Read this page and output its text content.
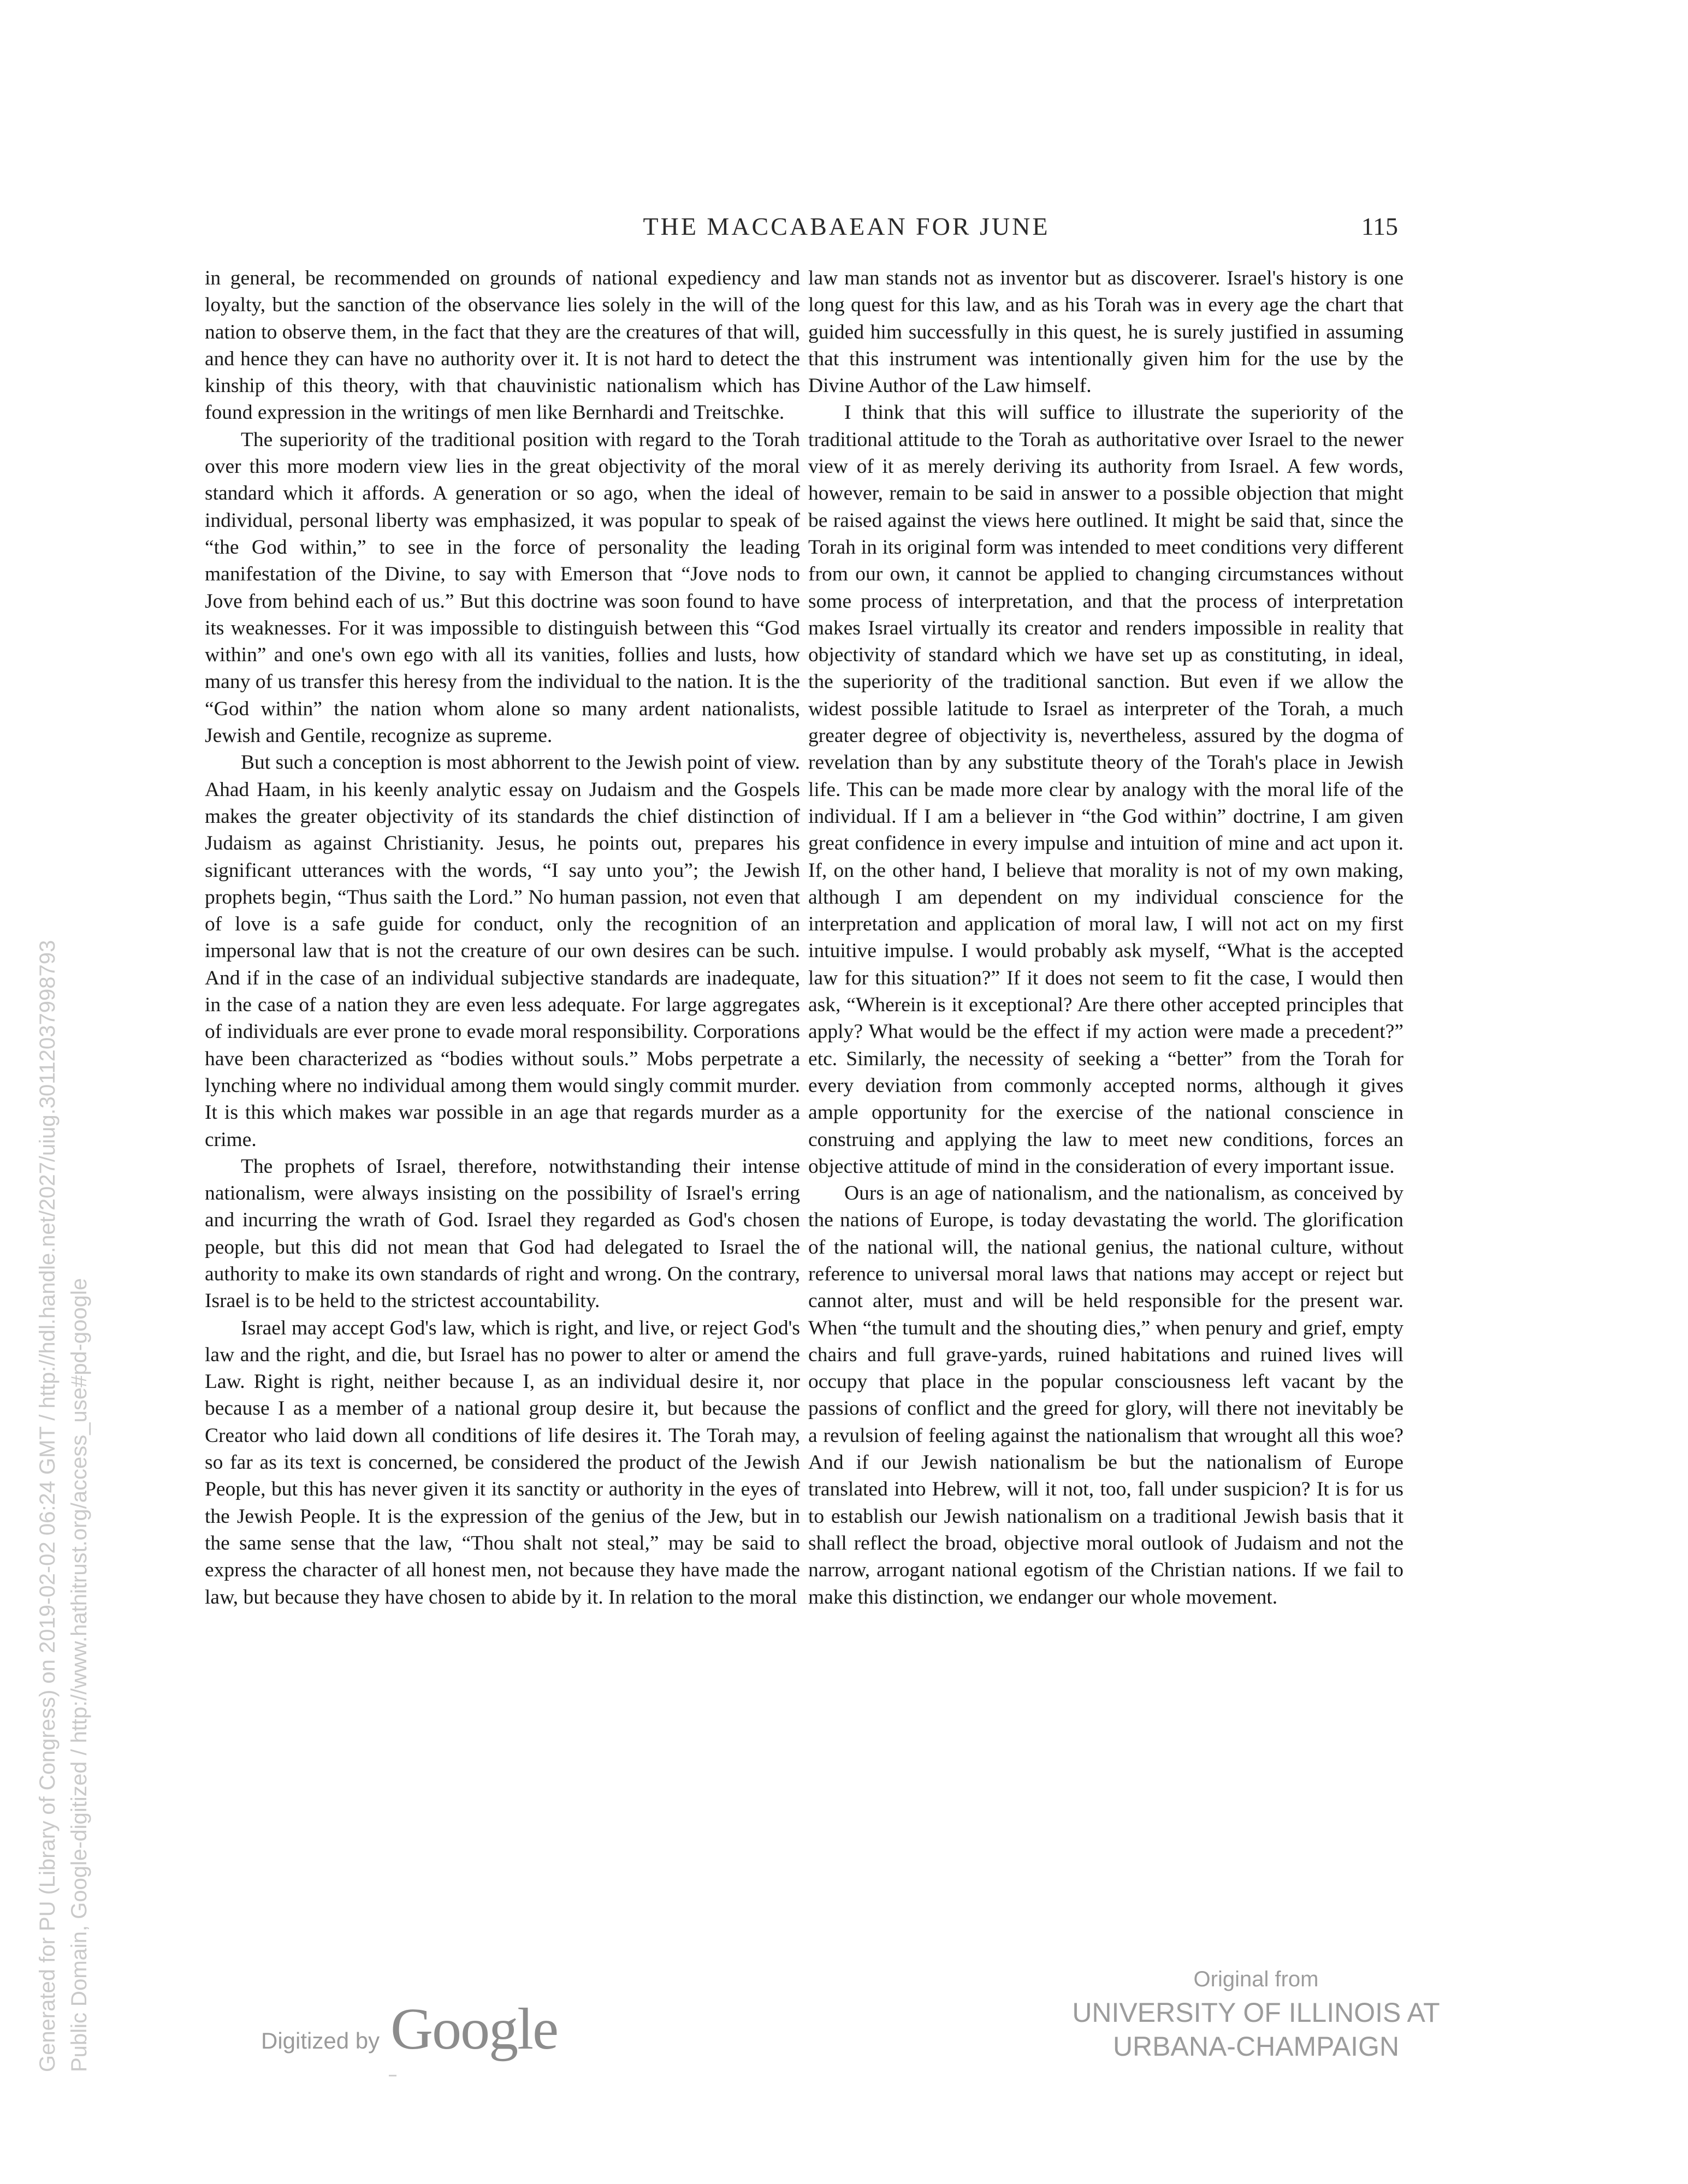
THE MACCABAEAN FOR JUNE	115

in general, be recommended on grounds of national expediency and loyalty, but the sanction of the observance lies solely in the will of the nation to observe them, in the fact that they are the creatures of that will, and hence they can have no authority over it. It is not hard to detect the kinship of this theory, with that chauvinistic nationalism which has found expression in the writings of men like Bernhardi and Treitschke.

The superiority of the traditional position with regard to the Torah over this more modern view lies in the great objectivity of the moral standard which it affords. A generation or so ago, when the ideal of individual, personal liberty was emphasized, it was popular to speak of “the God within,” to see in the force of personality the leading manifestation of the Divine, to say with Emerson that “Jove nods to Jove from behind each of us.” But this doctrine was soon found to have its weaknesses. For it was impossible to distinguish between this “God within” and one's own ego with all its vanities, follies and lusts, how many of us transfer this heresy from the individual to the nation. It is the “God within” the nation whom alone so many ardent nationalists, Jewish and Gentile, recognize as supreme.

But such a conception is most abhorrent to the Jewish point of view. Ahad Haam, in his keenly analytic essay on Judaism and the Gospels makes the greater objectivity of its standards the chief distinction of Judaism as against Christianity. Jesus, he points out, prepares his significant utterances with the words, “I say unto you”; the Jewish prophets begin, “Thus saith the Lord.” No human passion, not even that of love is a safe guide for conduct, only the recognition of an impersonal law that is not the creature of our own desires can be such. And if in the case of an individual subjective standards are inadequate, in the case of a nation they are even less adequate. For large aggregates of individuals are ever prone to evade moral responsibility. Corporations have been characterized as “bodies without souls.” Mobs perpetrate a lynching where no individual among them would singly commit murder. It is this which makes war possible in an age that regards murder as a crime.

The prophets of Israel, therefore, notwithstanding their intense nationalism, were always insisting on the possibility of Israel's erring and incurring the wrath of God. Israel they regarded as God's chosen people, but this did not mean that God had delegated to Israel the authority to make its own standards of right and wrong. On the contrary, Israel is to be held to the strictest accountability.

Israel may accept God's law, which is right, and live, or reject God's law and the right, and die, but Israel has no power to alter or amend the Law. Right is right, neither because I, as an individual desire it, nor because I as a member of a national group desire it, but because the Creator who laid down all conditions of life desires it. The Torah may, so far as its text is concerned, be considered the product of the Jewish People, but this has never given it its sanctity or authority in the eyes of the Jewish People. It is the expression of the genius of the Jew, but in the same sense that the law, “Thou shalt not steal,” may be said to express the character of all honest men, not because they have made the law, but because they have chosen to abide by it. In relation to the moral

law man stands not as inventor but as discoverer. Israel's history is one long quest for this law, and as his Torah was in every age the chart that guided him successfully in this quest, he is surely justified in assuming that this instrument was intentionally given him for the use by the Divine Author of the Law himself.

I think that this will suffice to illustrate the superiority of the traditional attitude to the Torah as authoritative over Israel to the newer view of it as merely deriving its authority from Israel. A few words, however, remain to be said in answer to a possible objection that might be raised against the views here outlined. It might be said that, since the Torah in its original form was intended to meet conditions very different from our own, it cannot be applied to changing circumstances without some process of interpretation, and that the process of interpretation makes Israel virtually its creator and renders impossible in reality that objectivity of standard which we have set up as constituting, in ideal, the superiority of the traditional sanction. But even if we allow the widest possible latitude to Israel as interpreter of the Torah, a much greater degree of objectivity is, nevertheless, assured by the dogma of revelation than by any substitute theory of the Torah's place in Jewish life. This can be made more clear by analogy with the moral life of the individual. If I am a believer in “the God within” doctrine, I am given great confidence in every impulse and intuition of mine and act upon it. If, on the other hand, I believe that morality is not of my own making, although I am dependent on my individual conscience for the interpretation and application of moral law, I will not act on my first intuitive impulse. I would probably ask myself, “What is the accepted law for this situation?” If it does not seem to fit the case, I would then ask, “Wherein is it exceptional? Are there other accepted principles that apply? What would be the effect if my action were made a precedent?” etc. Similarly, the necessity of seeking a “better” from the Torah for every deviation from commonly accepted norms, although it gives ample opportunity for the exercise of the national conscience in construing and applying the law to meet new conditions, forces an objective attitude of mind in the consideration of every important issue.

Ours is an age of nationalism, and the nationalism, as conceived by the nations of Europe, is today devastating the world. The glorification of the national will, the national genius, the national culture, without reference to universal moral laws that nations may accept or reject but cannot alter, must and will be held responsible for the present war. When “the tumult and the shouting dies,” when penury and grief, empty chairs and full grave-yards, ruined habitations and ruined lives will occupy that place in the popular consciousness left vacant by the passions of conflict and the greed for glory, will there not inevitably be a revulsion of feeling against the nationalism that wrought all this woe? And if our Jewish nationalism be but the nationalism of Europe translated into Hebrew, will it not, too, fall under suspicion? It is for us to establish our Jewish nationalism on a traditional Jewish basis that it shall reflect the broad, objective moral outlook of Judaism and not the narrow, arrogant national egotism of the Christian nations. If we fail to make this distinction, we endanger our whole movement.

Generated for PU (Library of Congress) on 2019-02-02 06:24 GMT / http://hdl.handle.net/2027/uiug.30112037998793 Public Domain, Google-digitized / http://www.hathitrust.org/access_use#pd-google	Digitized by Google
Original from
UNIVERSITY OF ILLINOIS AT
URBANA-CHAMPAIGN
